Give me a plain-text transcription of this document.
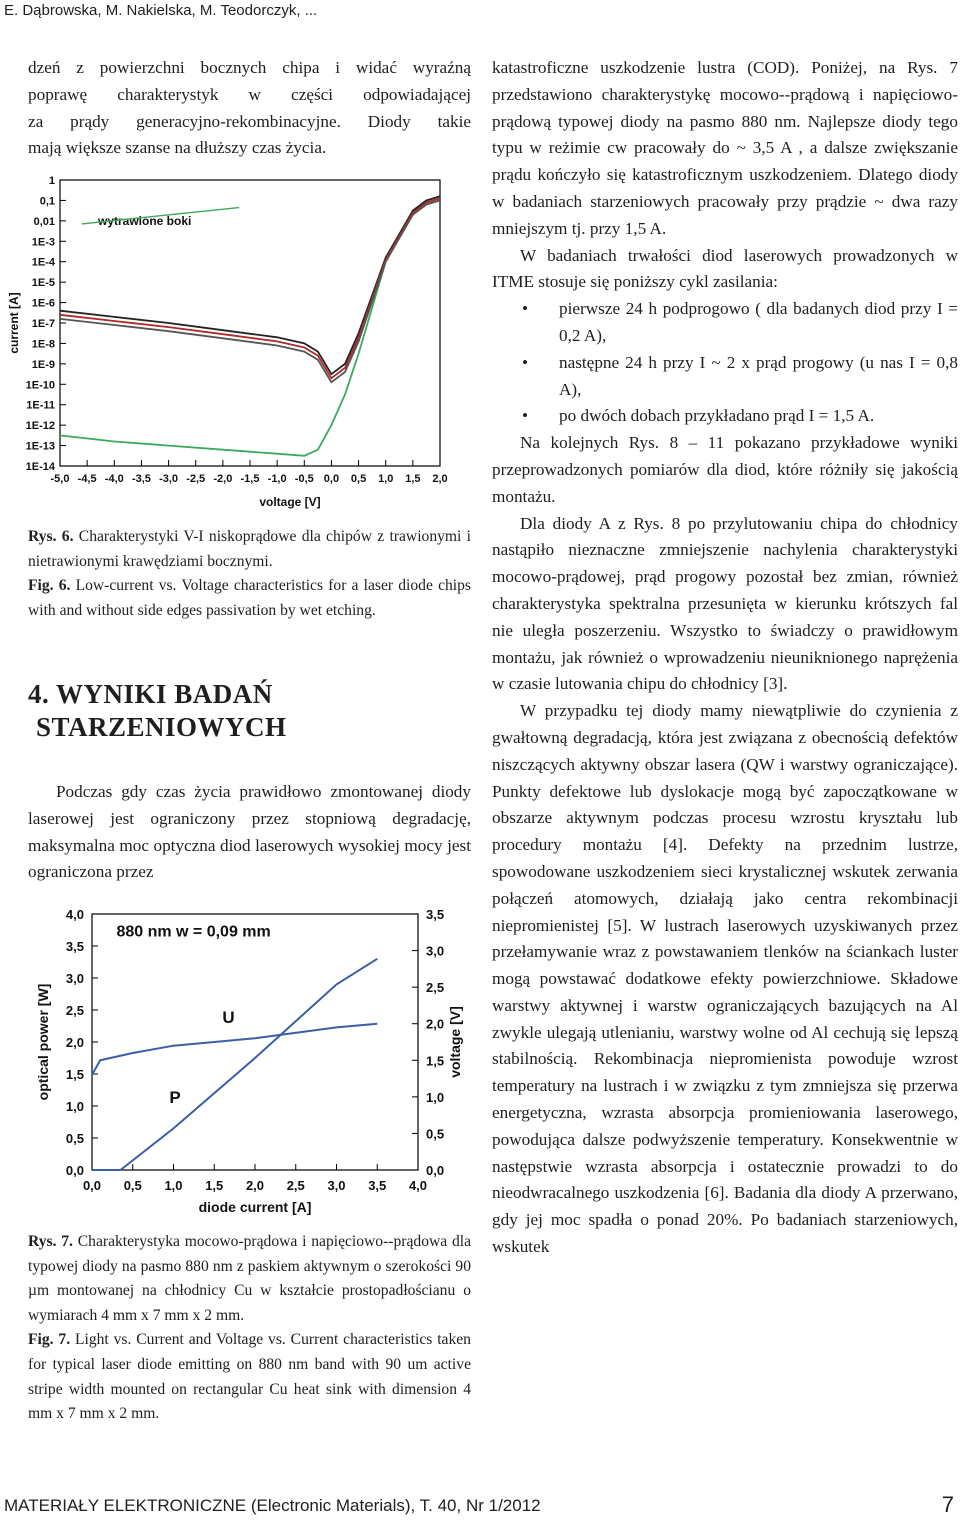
E. Dąbrowska, M. Nakielska, M. Teodorczyk, ...
dzeń z powierzchni bocznych chipa i widać wyraźną
poprawę charakterystyk w części odpowiadającej
za prądy generacyjno-rekombinacyjne. Diody takie
mają większe szanse na dłuższy czas życia.
1
0,1
0,01
1E-3
1E-4
1E-5
1E-6
1E-7
1E-8
1E-9
1E-10
1E-11
1E-12
1E-13
1E-14
-5,0 -4,5 -4,0 -3,5 -3,0 -2,5 -2,0 -1,5 -1,0 -0,5 0,0 0,5 1,0 1,5 2,0
voltage [V]
current [A]
wytrawione boki

Rys. 6. Charakterystyki V-I niskoprądowe dla chipów z trawionymi i nietrawionymi krawędziami bocznymi.

Fig. 6. Low-current vs. Voltage characteristics for a laser diode chips with and without side edges passivation by wet etching.

4. WYNIKI BADAŃ
STARZENIOWYCH

Podczas gdy czas życia prawidłowo zmontowanej diody laserowej jest ograniczony przez stopniową degradację, maksymalna moc optyczna diod laserowych wysokiej mocy jest ograniczona przez

0,0
0,5
1,0
1,5
2,0
2,5
3,0
3,5
4,0
0,0
0,5
1,0
1,5
2,0
2,5
3,0
3,5
0,0 0,5 1,0 1,5 2,0 2,5 3,0 3,5 4,0
diode current [A]
optical power [W]	voltage [V]
880 nm w = 0,09 mm
U
P

Rys. 7. Charakterystyka mocowo-prądowa i napięciowo--prądowa dla typowej diody na pasmo 880 nm z paskiem aktywnym o szerokości 90 µm montowanej na chłodnicy Cu w kształcie prostopadłościanu o wymiarach 4 mm x 7 mm x 2 mm.

Fig. 7. Light vs. Current and Voltage vs. Current characteristics taken for typical laser diode emitting on 880 nm band with 90 um active stripe width mounted on rectangular Cu heat sink with dimension 4 mm x 7 mm x 2 mm.

katastroficzne uszkodzenie lustra (COD). Poniżej, na Rys. 7 przedstawiono charakterystykę mocowo--prądową i napięciowo-prądową typowej diody na pasmo 880 nm. Najlepsze diody tego typu w reżimie cw pracowały do ~ 3,5 A , a dalsze zwiększanie prądu kończyło się katastroficznym uszkodzeniem. Dlatego diody w badaniach starzeniowych pracowały przy prądzie ~ dwa razy mniejszym tj. przy 1,5 A.

W badaniach trwałości diod laserowych prowadzonych w ITME stosuje się poniższy cykl zasilania:

• pierwsze 24 h podprogowo ( dla badanych diod przy I = 0,2 A),
• następne 24 h przy I ~ 2 x prąd progowy (u nas I = 0,8 A),
• po dwóch dobach przykładano prąd I = 1,5 A.

Na kolejnych Rys. 8 – 11 pokazano przykładowe wyniki przeprowadzonych pomiarów dla diod, które różniły się jakością montażu.

Dla diody A z Rys. 8 po przylutowaniu chipa do chłodnicy nastąpiło nieznaczne zmniejszenie nachylenia charakterystyki mocowo-prądowej, prąd progowy pozostał bez zmian, również charakterystyka spektralna przesunięta w kierunku krótszych fal nie uległa poszerzeniu. Wszystko to świadczy o prawidłowym montażu, jak również o wprowadzeniu nieuniknionego naprężenia w czasie lutowania chipu do chłodnicy [3].

W przypadku tej diody mamy niewątpliwie do czynienia z gwałtowną degradacją, która jest związana z obecnością defektów niszczących aktywny obszar lasera (QW i warstwy ograniczające). Punkty defektowe lub dyslokacje mogą być zapoczątkowane w obszarze aktywnym podczas procesu wzrostu kryształu lub procedury montażu [4]. Defekty na przednim lustrze, spowodowane uszkodzeniem sieci krystalicznej wskutek zerwania połączeń atomowych, działają jako centra rekombinacji niepromienistej [5]. W lustrach laserowych uzyskiwanych przez przełamywanie wraz z powstawaniem tlenków na ściankach luster mogą powstawać dodatkowe efekty powierzchniowe. Składowe warstwy aktywnej i warstw ograniczających bazujących na Al zwykle ulegają utlenianiu, warstwy wolne od Al cechują się lepszą stabilnością. Rekombinacja niepromienista powoduje wzrost temperatury na lustrach i w związku z tym zmniejsza się przerwa energetyczna, wzrasta absorpcja promieniowania laserowego, powodująca dalsze podwyższenie temperatury. Konsekwentnie w następstwie wzrasta absorpcja i ostatecznie prowadzi to do nieodwracalnego uszkodzenia [6]. Badania dla diody A przerwano, gdy jej moc spadła o ponad 20%. Po badaniach starzeniowych, wskutek

MATERIAŁY ELEKTRONICZNE (Electronic Materials), T. 40, Nr 1/2012	7
